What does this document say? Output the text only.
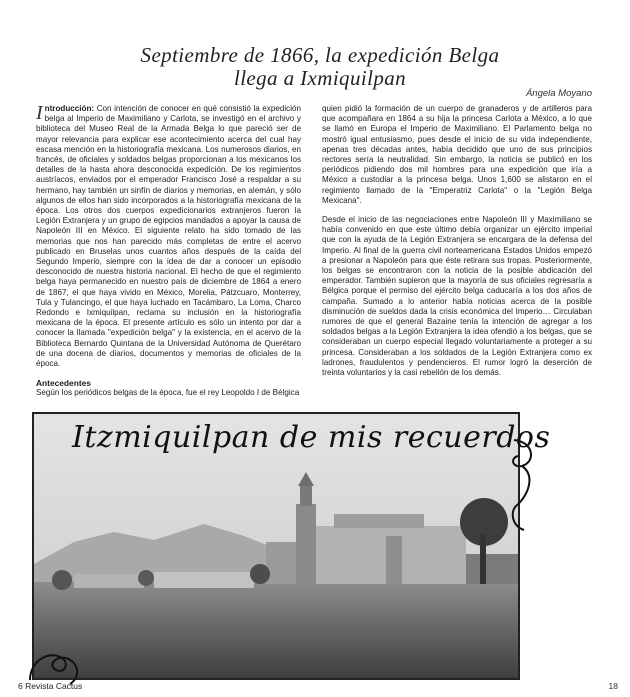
Septiembre de 1866, la expedición Belga
llega a Ixmiquilpan
Ángela Moyano

Introducción: Con intención de conocer en qué consistió la expedición belga al Imperio de Maximiliano y Carlota, se investigó en el archivo y biblioteca del Museo Real de la Armada Belga lo que pareció ser de mayor relevancia para explicar ese acontecimiento acerca del cual hay escasa mención en la historiografía mexicana. Los numerosos diarios, en francés, de oficiales y soldados belgas proporcionan a los mexicanos los detalles de la hasta ahora desconocida expedición. De los regimientos austríacos, enviados por el emperador Francisco José a respaldar a su hermano, hay también un sinfín de diarios y memorias, en alemán, y sólo algunos de ellos han sido incorporados a la historiografía mexicana de la época. Los otros dos cuerpos expedicionarios extranjeros fueron la Legión Extranjera y un grupo de egipcios mandados a apoyar la causa de Napoleón III en México. El siguiente relato ha sido tomado de las memorias que nos han parecido más completas de entre el acervo publicado en Bruselas unos cuantos años después de la caída del Segundo Imperio, siempre con la idea de dar a conocer un episodio desconocido de nuestra historia nacional. El hecho de que el regimiento belga haya permanecido en nuestro país de diciembre de 1864 a enero de 1867, el que haya vivido en México, Morelia, Pátzcuaro, Monterrey, Tula y Tulancingo, el que haya luchado en Tacámbaro, La Loma, Charco Redondo e Ixmiquilpan, reclama su inclusión en la historiografía mexicana de la época. El presente artículo es sólo un intento por dar a conocer la llamada "expedición belga" y la existencia, en el acervo de la Biblioteca Bernardo Quintana de la Universidad Autónoma de Querétaro de una docena de diarios, documentos y memorias de oficiales de la época.

Antecedentes

Según los periódicos belgas de la época, fue el rey Leopoldo I de Bélgica

quien pidió la formación de un cuerpo de granaderos y de artilleros para que acompañara en 1864 a su hija la princesa Carlota a México, a lo que se llamó en Europa el Imperio de Maximiliano. El Parlamento belga no mostró igual entusiasmo, pues desde el inicio de su vida independiente, apenas tres décadas antes, había decidido que uno de sus principios rectores sería la neutralidad. Sin embargo, la noticia se publicó en los periódicos pidiendo dos mil hombres para una expedición que iría a México a custodiar a la princesa belga. Unos 1,600 se alistaron en el regimiento llamado de la "Emperatriz Carlota" o la "Legión Belga Mexicana".

Desde el inicio de las negociaciones entre Napoleón III y Maximiliano se había convenido en que este último debía organizar un ejército imperial que con la ayuda de la Legión Extranjera se encargara de la defensa del Imperio. Al final de la guerra civil norteamericana Estados Unidos empezó a presionar a Napoleón para que éste retirara sus tropas. Posteriormente, los belgas se encontraron con la noticia de la posible abdicación del emperador. También supieron que la mayoría de sus oficiales regresaría a Bélgica porque el permiso del ejército belga caducaría a los dos años de campaña. Sumado a lo anterior había noticias acerca de la posible disminución de sueldos dada la crisis económica del Imperio… Circulaban rumores de que el general Bazaine tenía la intención de agregar a los soldados belgas a la Legión Extranjera la idea ofendió a los belgas, que se consideraban un cuerpo especial llegado voluntariamente a proteger a su princesa. Consideraban a los soldados de la Legión Extranjera como ex ladrones, fraudulentos y pendencieros. El rumor logró la deserción de treinta voluntarios y la casi rebelión de los demás.

Itzmiquilpan de mis recuerdos
6 Revista Cactus	18
